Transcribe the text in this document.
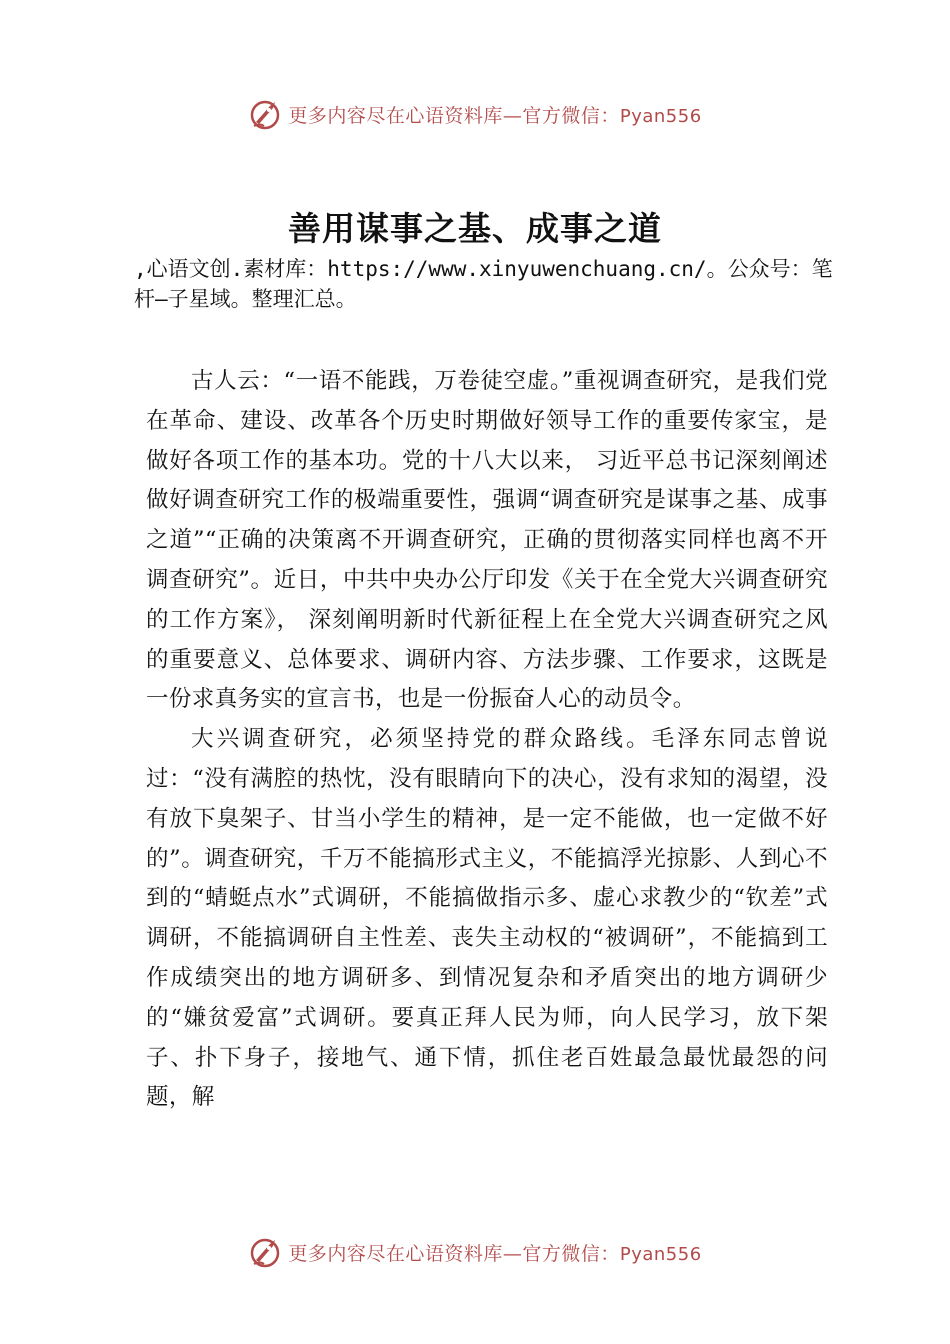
更多内容尽在心语资料库—官方微信：Pyan556
善用谋事之基、成事之道
,心语文创.素材库：https://www.xinyuwenchuang.cn/。公众号：笔杆—子星域。整理汇总。

古人云：“一语不能践，万卷徒空虚。”重视调查研究，是我们党在革命、建设、改革各个历史时期做好领导工作的重要传家宝，是做好各项工作的基本功。党的十八大以来， 习近平总书记深刻阐述做好调查研究工作的极端重要性，强调“调查研究是谋事之基、成事之道”“正确的决策离不开调查研究，正确的贯彻落实同样也离不开调查研究”。近日，中共中央办公厅印发《关于在全党大兴调查研究的工作方案》， 深刻阐明新时代新征程上在全党大兴调查研究之风的重要意义、总体要求、调研内容、方法步骤、工作要求，这既是一份求真务实的宣言书，也是一份振奋人心的动员令。

大兴调查研究，必须坚持党的群众路线。毛泽东同志曾说过：“没有满腔的热忱，没有眼睛向下的决心，没有求知的渴望，没有放下臭架子、甘当小学生的精神，是一定不能做，也一定做不好的”。调查研究，千万不能搞形式主义，不能搞浮光掠影、人到心不到的“蜻蜓点水”式调研，不能搞做指示多、虚心求教少的“钦差”式调研，不能搞调研自主性差、丧失主动权的“被调研”，不能搞到工作成绩突出的地方调研多、到情况复杂和矛盾突出的地方调研少的“嫌贫爱富”式调研。要真正拜人民为师，向人民学习，放下架子、扑下身子，接地气、通下情，抓住老百姓最急最忧最怨的问题，解

更多内容尽在心语资料库—官方微信：Pyan556
